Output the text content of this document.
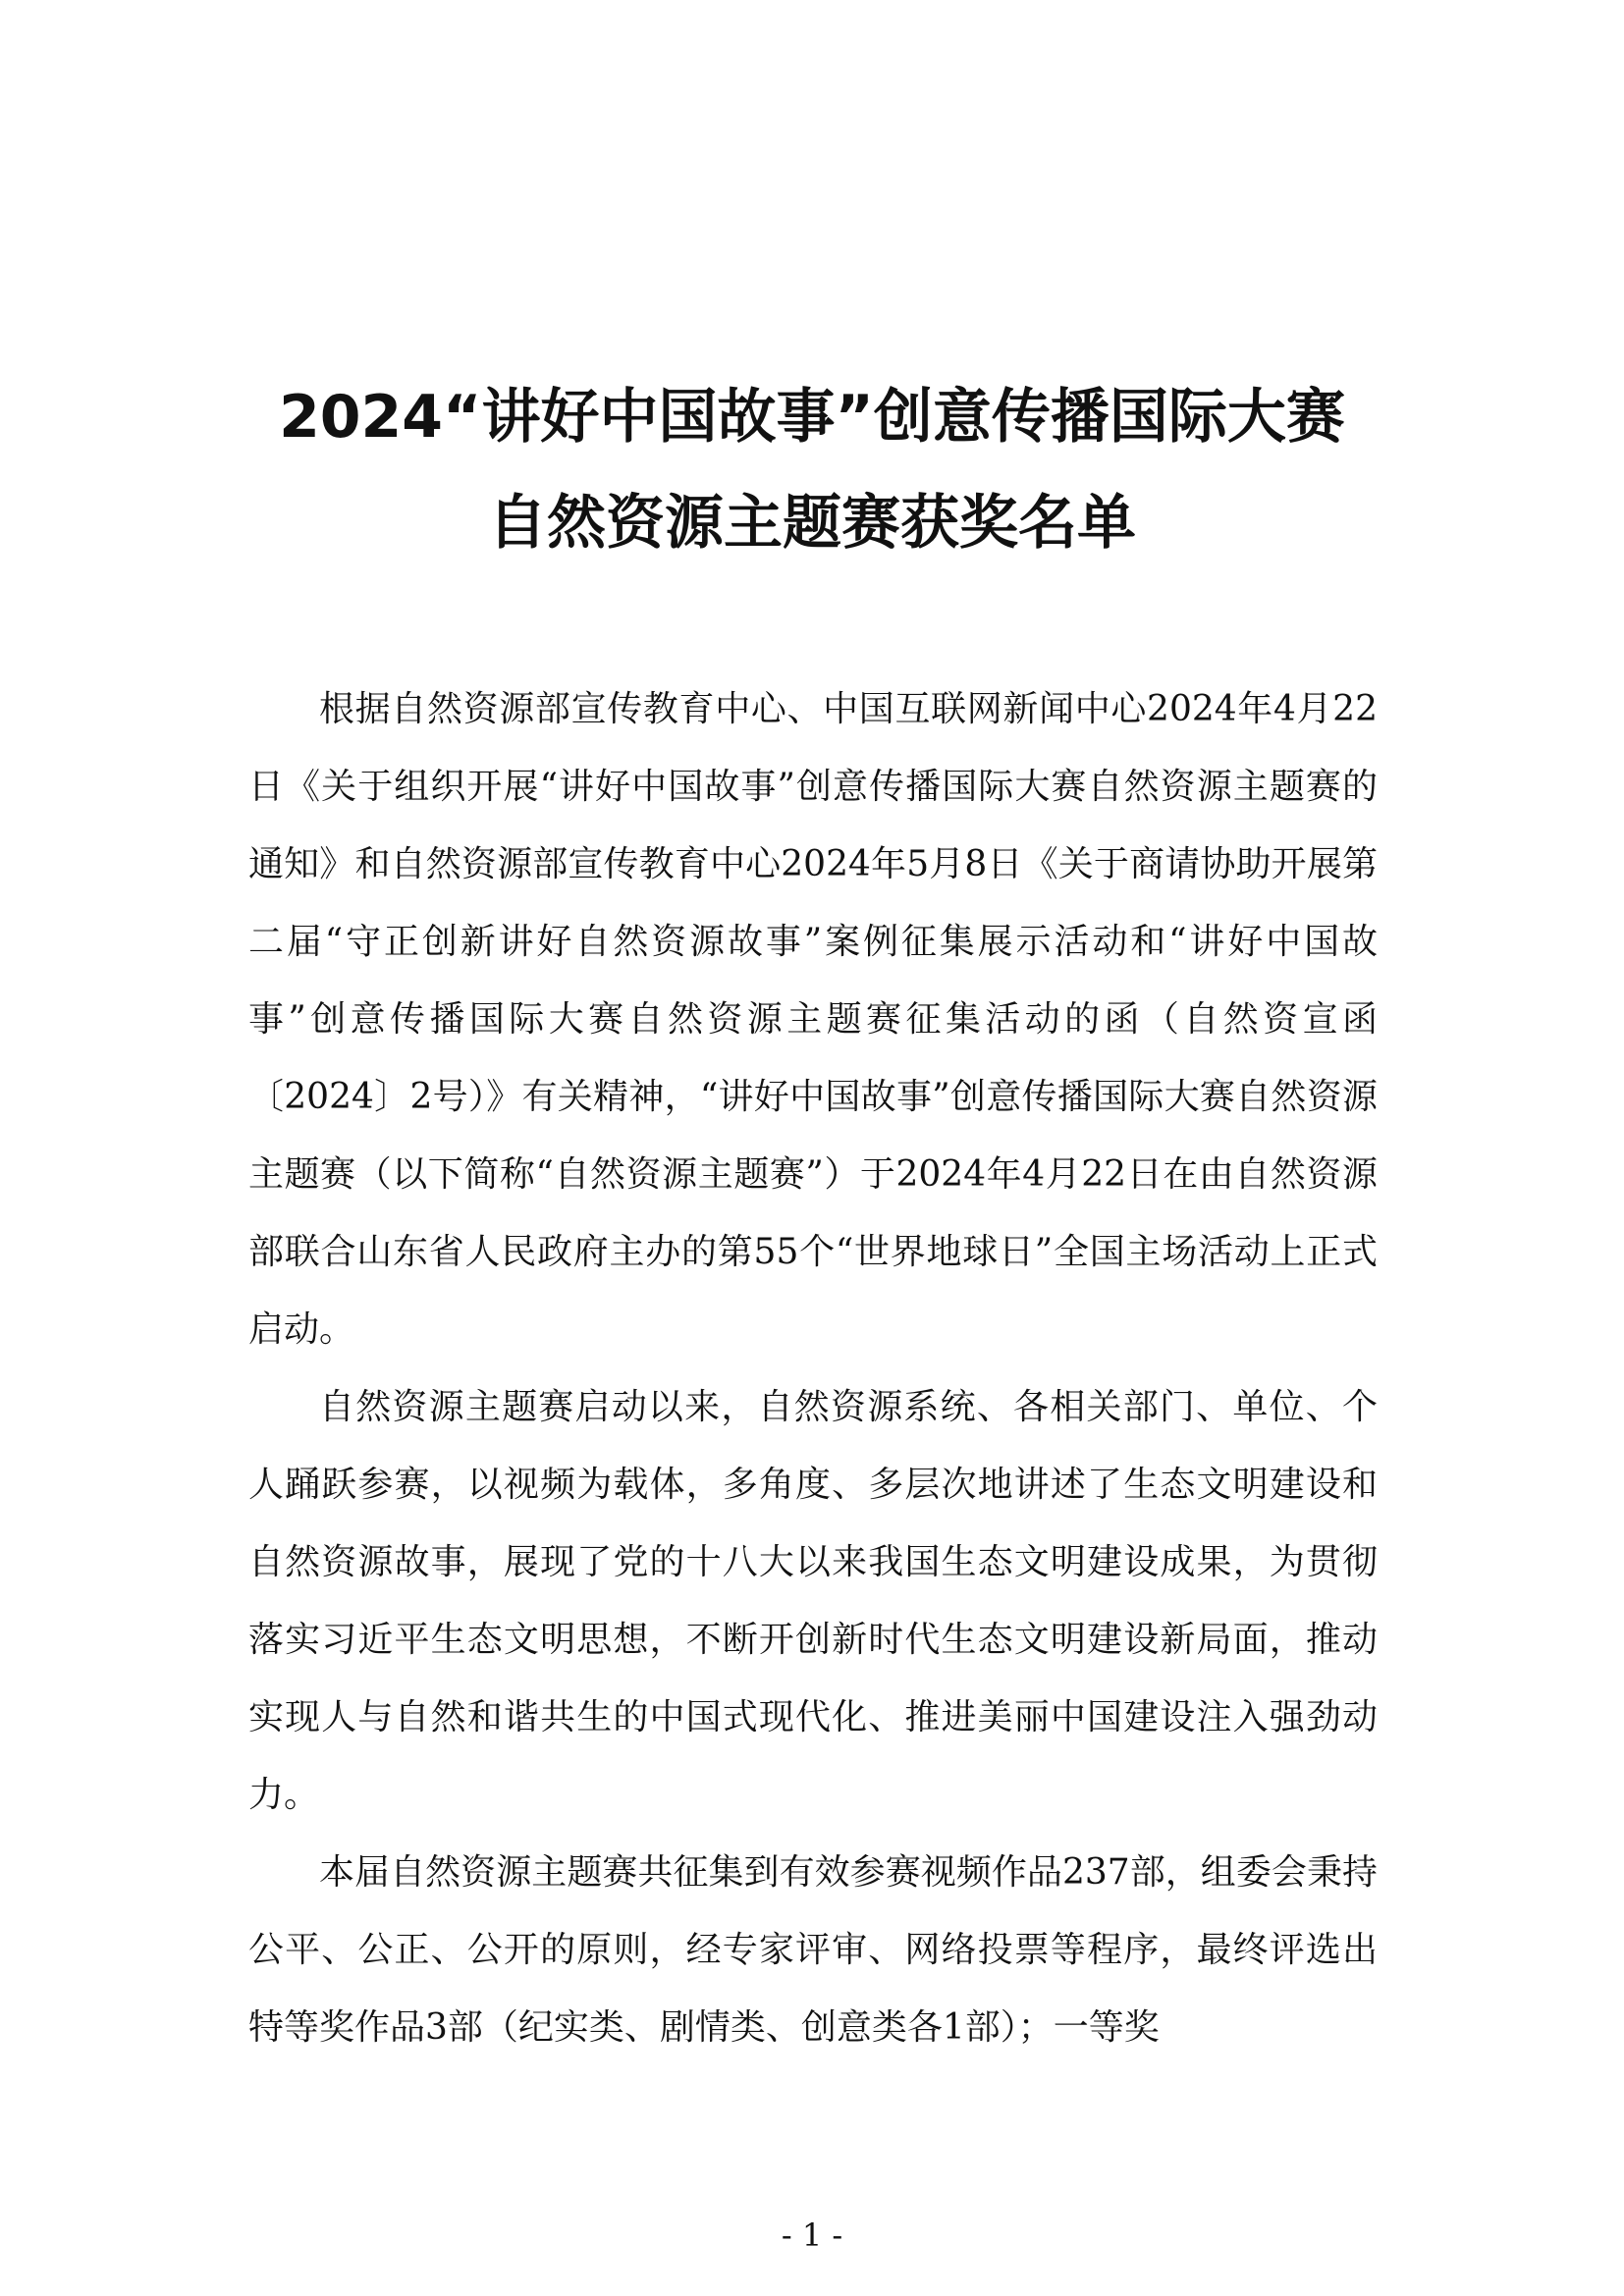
2024“讲好中国故事”创意传播国际大赛
自然资源主题赛获奖名单

根据自然资源部宣传教育中心、中国互联网新闻中心2024年4月22日《关于组织开展“讲好中国故事”创意传播国际大赛自然资源主题赛的通知》和自然资源部宣传教育中心2024年5月8日《关于商请协助开展第二届“守正创新讲好自然资源故事”案例征集展示活动和“讲好中国故事”创意传播国际大赛自然资源主题赛征集活动的函（自然资宣函〔2024〕2号）》有关精神，“讲好中国故事”创意传播国际大赛自然资源主题赛（以下简称“自然资源主题赛”）于2024年4月22日在由自然资源部联合山东省人民政府主办的第55个“世界地球日”全国主场活动上正式启动。

自然资源主题赛启动以来，自然资源系统、各相关部门、单位、个人踊跃参赛，以视频为载体，多角度、多层次地讲述了生态文明建设和自然资源故事，展现了党的十八大以来我国生态文明建设成果，为贯彻落实习近平生态文明思想，不断开创新时代生态文明建设新局面，推动实现人与自然和谐共生的中国式现代化、推进美丽中国建设注入强劲动力。

本届自然资源主题赛共征集到有效参赛视频作品237部，组委会秉持公平、公正、公开的原则，经专家评审、网络投票等程序，最终评选出特等奖作品3部（纪实类、剧情类、创意类各1部）；一等奖

- 1 -
